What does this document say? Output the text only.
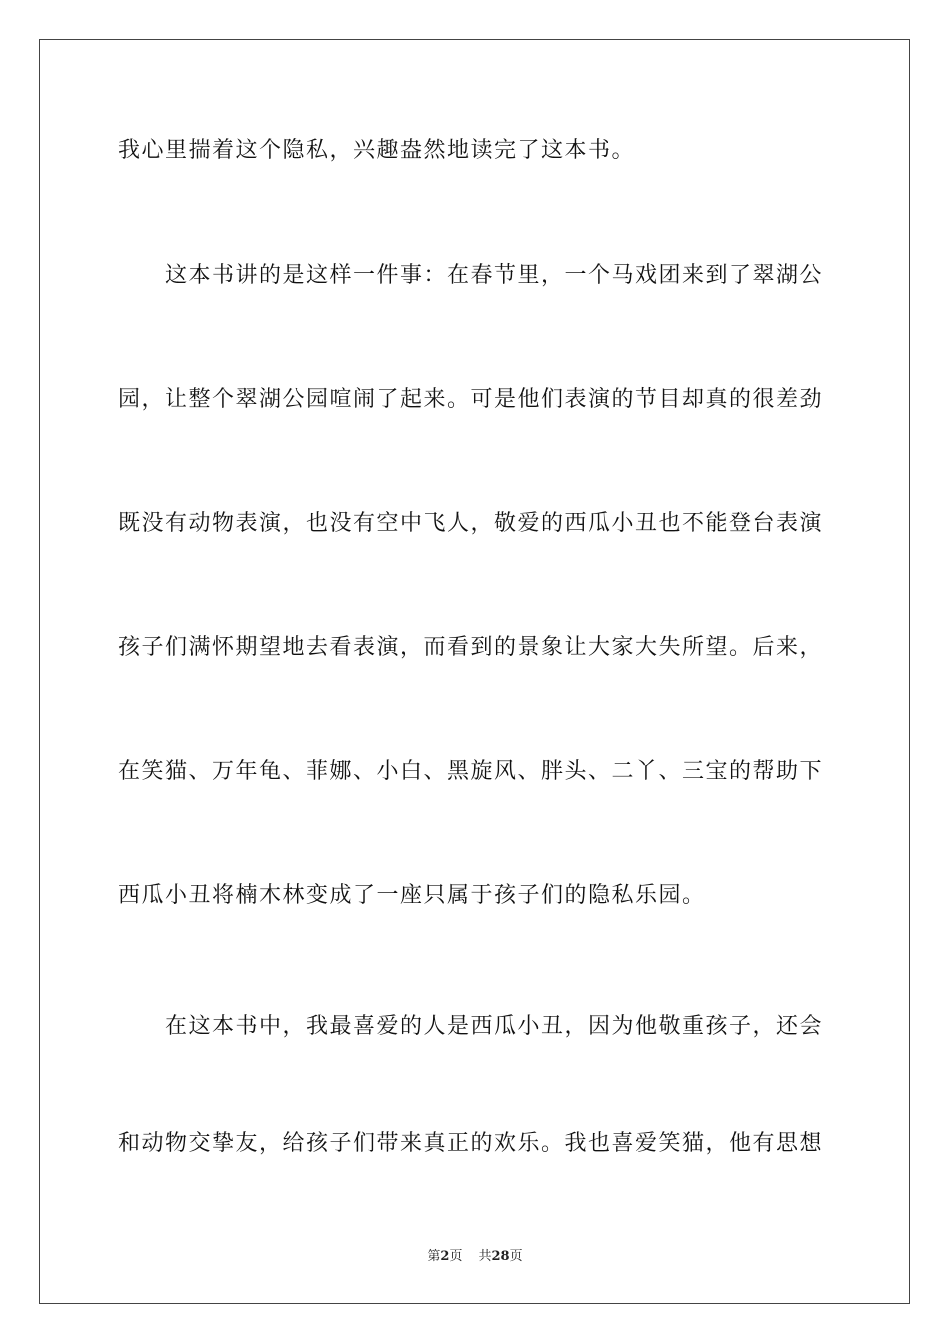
我心里揣着这个隐私，兴趣盎然地读完了这本书。
　　这本书讲的是这样一件事：在春节里，一个马戏团来到了翠湖公
园，让整个翠湖公园喧闹了起来。可是他们表演的节目却真的很差劲
既没有动物表演，也没有空中飞人，敬爱的西瓜小丑也不能登台表演
孩子们满怀期望地去看表演，而看到的景象让大家大失所望。后来，
在笑猫、万年龟、菲娜、小白、黑旋风、胖头、二丫、三宝的帮助下
西瓜小丑将楠木林变成了一座只属于孩子们的隐私乐园。
　　在这本书中，我最喜爱的人是西瓜小丑，因为他敬重孩子，还会
和动物交挚友，给孩子们带来真正的欢乐。我也喜爱笑猫，他有思想
第2页 共28页
